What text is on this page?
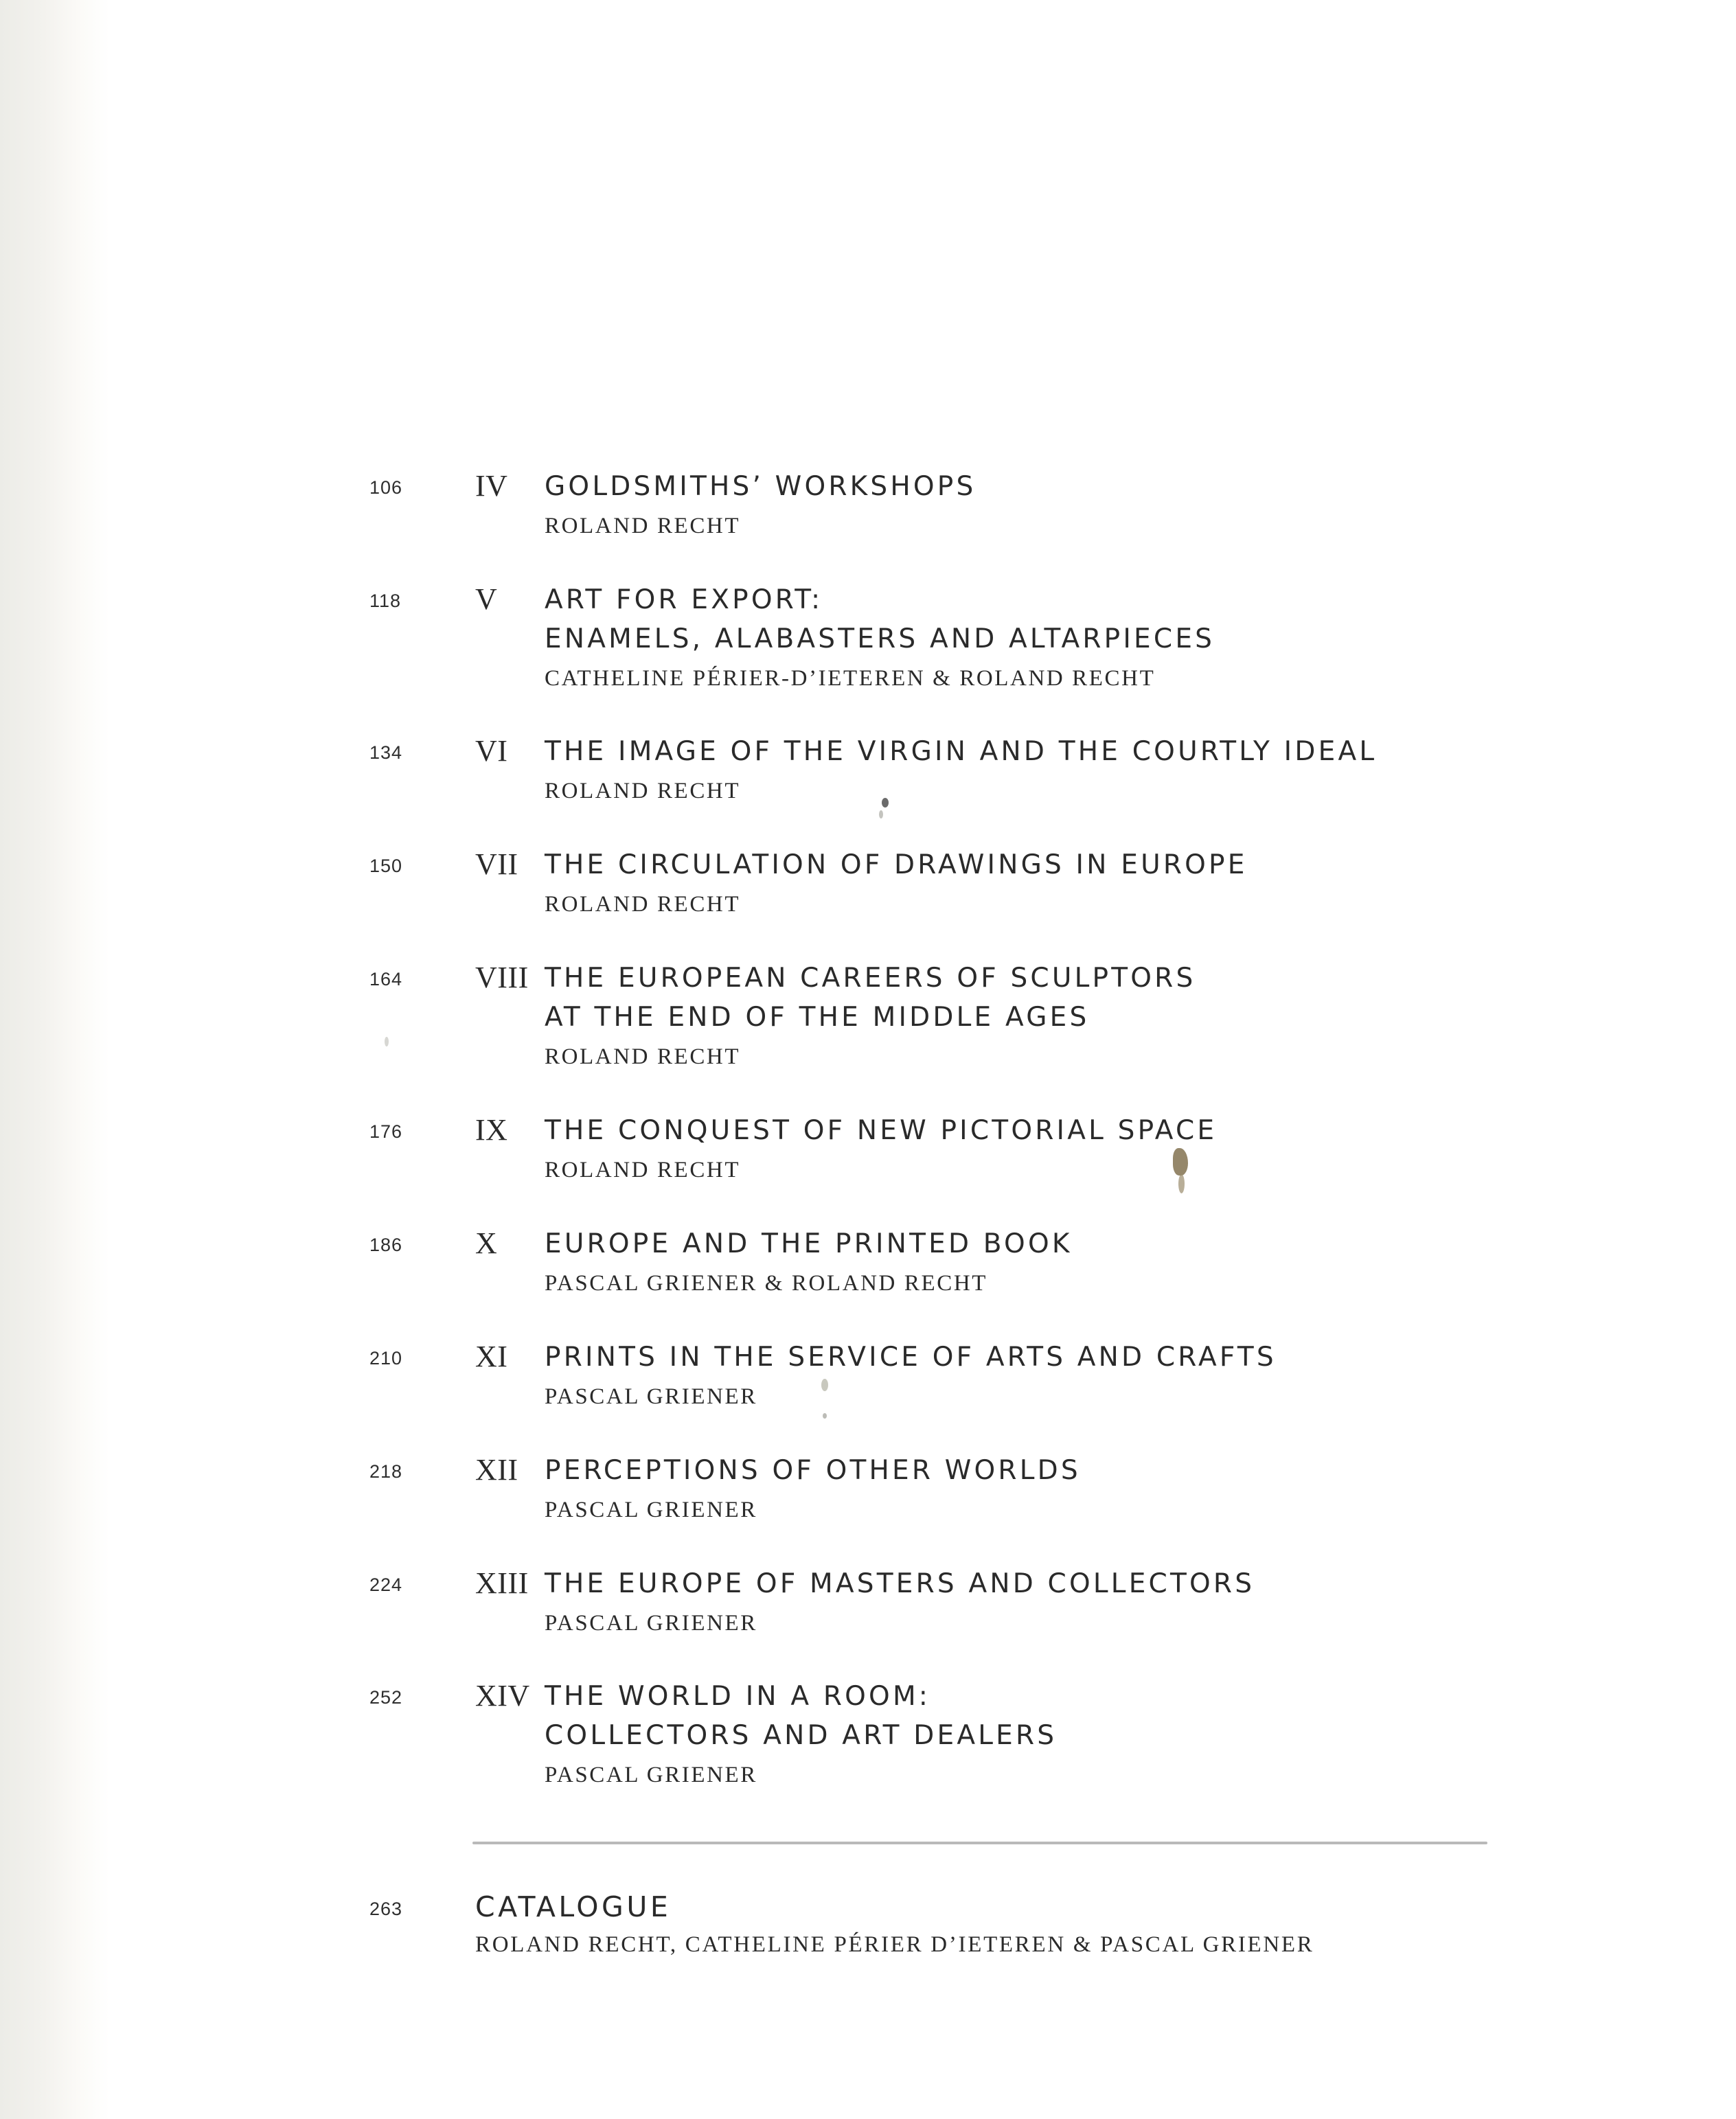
106 IV GOLDSMITHS’ WORKSHOPS
ROLAND RECHT
118 V ART FOR EXPORT:
ENAMELS, ALABASTERS AND ALTARPIECES
CATHELINE PÉRIER-D’IETEREN & ROLAND RECHT
134 VI THE IMAGE OF THE VIRGIN AND THE COURTLY IDEAL
ROLAND RECHT
150 VII THE CIRCULATION OF DRAWINGS IN EUROPE
ROLAND RECHT
164 VIII THE EUROPEAN CAREERS OF SCULPTORS
AT THE END OF THE MIDDLE AGES
ROLAND RECHT
176 IX THE CONQUEST OF NEW PICTORIAL SPACE
ROLAND RECHT
186 X EUROPE AND THE PRINTED BOOK
PASCAL GRIENER & ROLAND RECHT
210 XI PRINTS IN THE SERVICE OF ARTS AND CRAFTS
PASCAL GRIENER
218 XII PERCEPTIONS OF OTHER WORLDS
PASCAL GRIENER
224 XIII THE EUROPE OF MASTERS AND COLLECTORS
PASCAL GRIENER
252 XIV THE WORLD IN A ROOM:
COLLECTORS AND ART DEALERS
PASCAL GRIENER
263	CATALOGUE
ROLAND RECHT, CATHELINE PÉRIER D’IETEREN & PASCAL GRIENER
